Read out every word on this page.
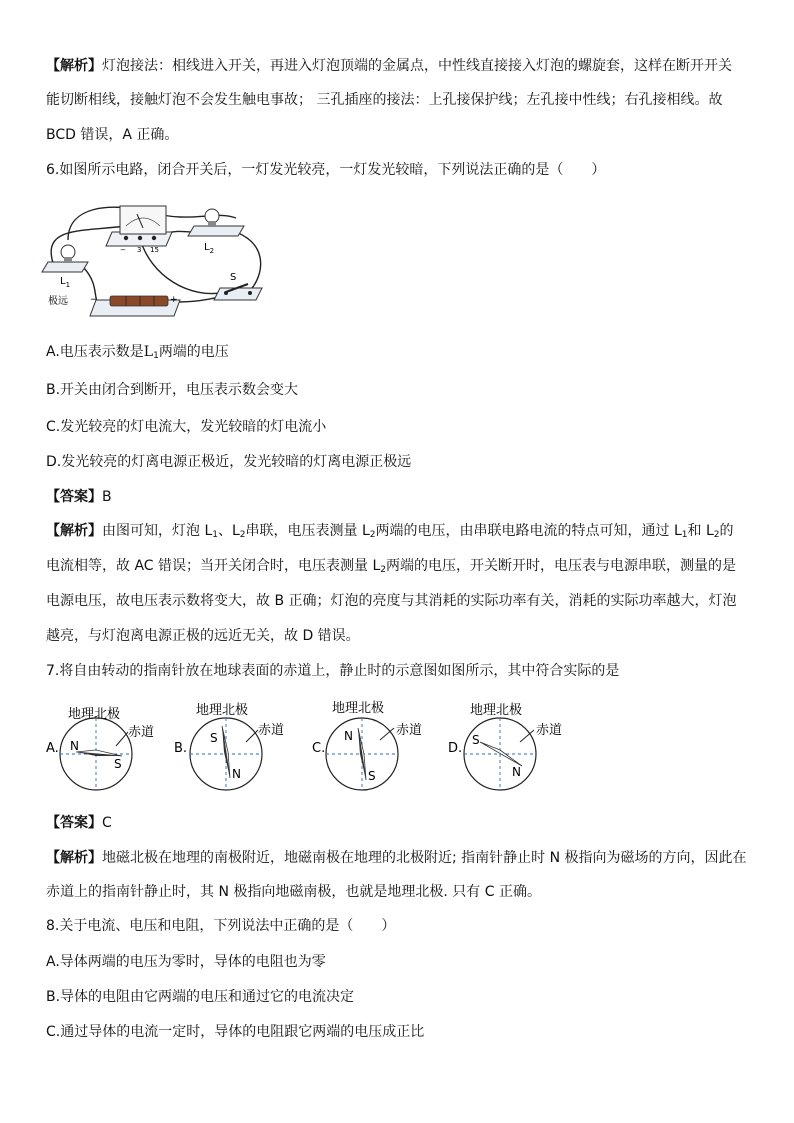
【解析】灯泡接法：相线进入开关，再进入灯泡顶端的金属点，中性线直接接入灯泡的螺旋套，这样在断开开关
能切断相线，接触灯泡不会发生触电事故； 三孔插座的接法：上孔接保护线；左孔接中性线；右孔接相线。故
BCD 错误，A 正确。
6.如图所示电路，闭合开关后，一灯发光较亮，一灯发光较暗，下列说法正确的是（　　）
− 3 15	$L_2$
$L_1$
极远 −	+
S
A.电压表示数是$L_1$两端的电压
B.开关由闭合到断开，电压表示数会变大
C.发光较亮的灯电流大，发光较暗的灯电流小
D.发光较亮的灯离电源正极近，发光较暗的灯离电源正极远
【答案】B
【解析】由图可知，灯泡 $L_1$、$L_2$串联，电压表测量 $L_2$两端的电压，由串联电路电流的特点可知，通过 $L_1$和 $L_2$的
电流相等，故 AC 错误；当开关闭合时，电压表测量 $L_2$两端的电压，开关断开时，电压表与电源串联，测量的是
电源电压，故电压表示数将变大，故 B 正确；灯泡的亮度与其消耗的实际功率有关，消耗的实际功率越大，灯泡
越亮，与灯泡离电源正极的远近无关，故 D 错误。
7.将自由转动的指南针放在地球表面的赤道上，静止时的示意图如图所示，其中符合实际的是
A.
地理北极
赤道
N
S
B.
地理北极
赤道
S
N
C.
地理北极
赤道
N
S
D.
地理北极
赤道
S
N
【答案】C
【解析】地磁北极在地理的南极附近，地磁南极在地理的北极附近; 指南针静止时 N 极指向为磁场的方向，因此在
赤道上的指南针静止时，其 N 极指向地磁南极，也就是地理北极. 只有 C 正确。
8.关于电流、电压和电阻，下列说法中正确的是（　　）
A.导体两端的电压为零时，导体的电阻也为零
B.导体的电阻由它两端的电压和通过它的电流决定
C.通过导体的电流一定时，导体的电阻跟它两端的电压成正比
